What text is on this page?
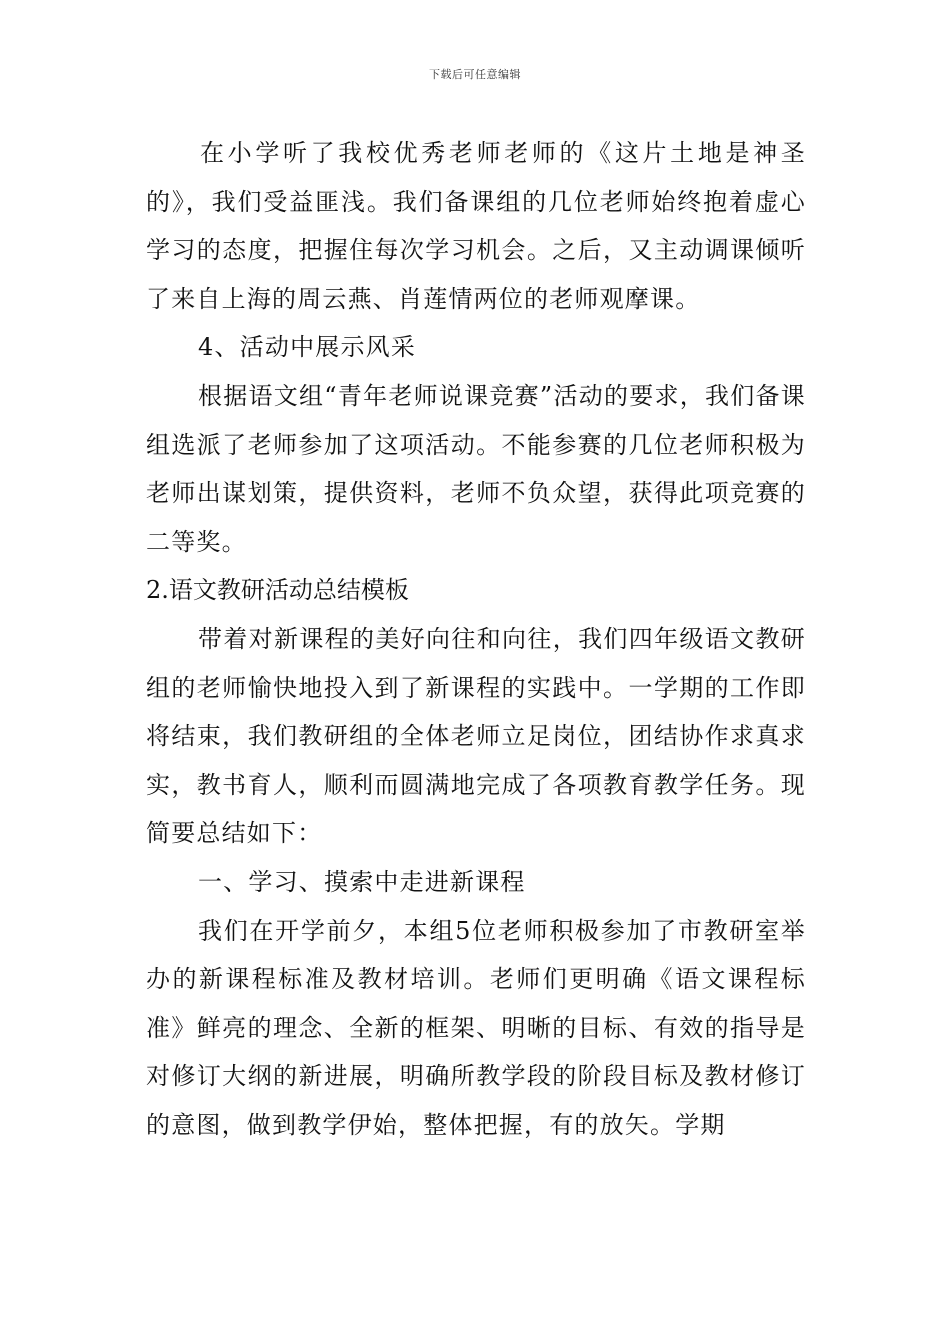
下载后可任意编辑

在小学听了我校优秀老师老师的《这片土地是神圣的》，我们受益匪浅。我们备课组的几位老师始终抱着虚心学习的态度，把握住每次学习机会。之后，又主动调课倾听了来自上海的周云燕、肖莲情两位的老师观摩课。

4、活动中展示风采

根据语文组“青年老师说课竞赛”活动的要求，我们备课组选派了老师参加了这项活动。不能参赛的几位老师积极为老师出谋划策，提供资料，老师不负众望，获得此项竞赛的二等奖。

2.语文教研活动总结模板

带着对新课程的美好向往和向往，我们四年级语文教研组的老师愉快地投入到了新课程的实践中。一学期的工作即将结束，我们教研组的全体老师立足岗位，团结协作求真求实，教书育人，顺利而圆满地完成了各项教育教学任务。现简要总结如下：

一、学习、摸索中走进新课程

我们在开学前夕，本组5位老师积极参加了市教研室举办的新课程标准及教材培训。老师们更明确《语文课程标准》鲜亮的理念、全新的框架、明晰的目标、有效的指导是对修订大纲的新进展，明确所教学段的阶段目标及教材修订的意图，做到教学伊始，整体把握，有的放矢。学期
